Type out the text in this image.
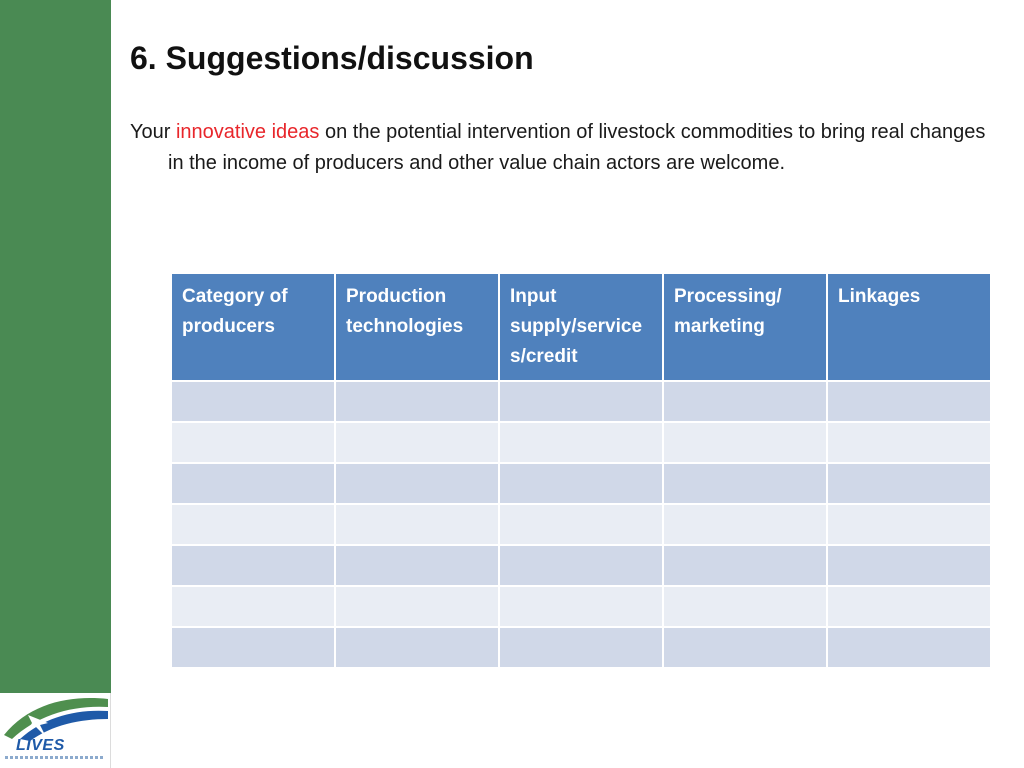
LIVES
6. Suggestions/discussion

Your innovative ideas on the potential intervention of livestock commodities to bring real changes in the income of producers and other value chain actors are welcome.

Category of producers	Production technologies	Input supply/services/credit	Processing/ marketing	Linkages
